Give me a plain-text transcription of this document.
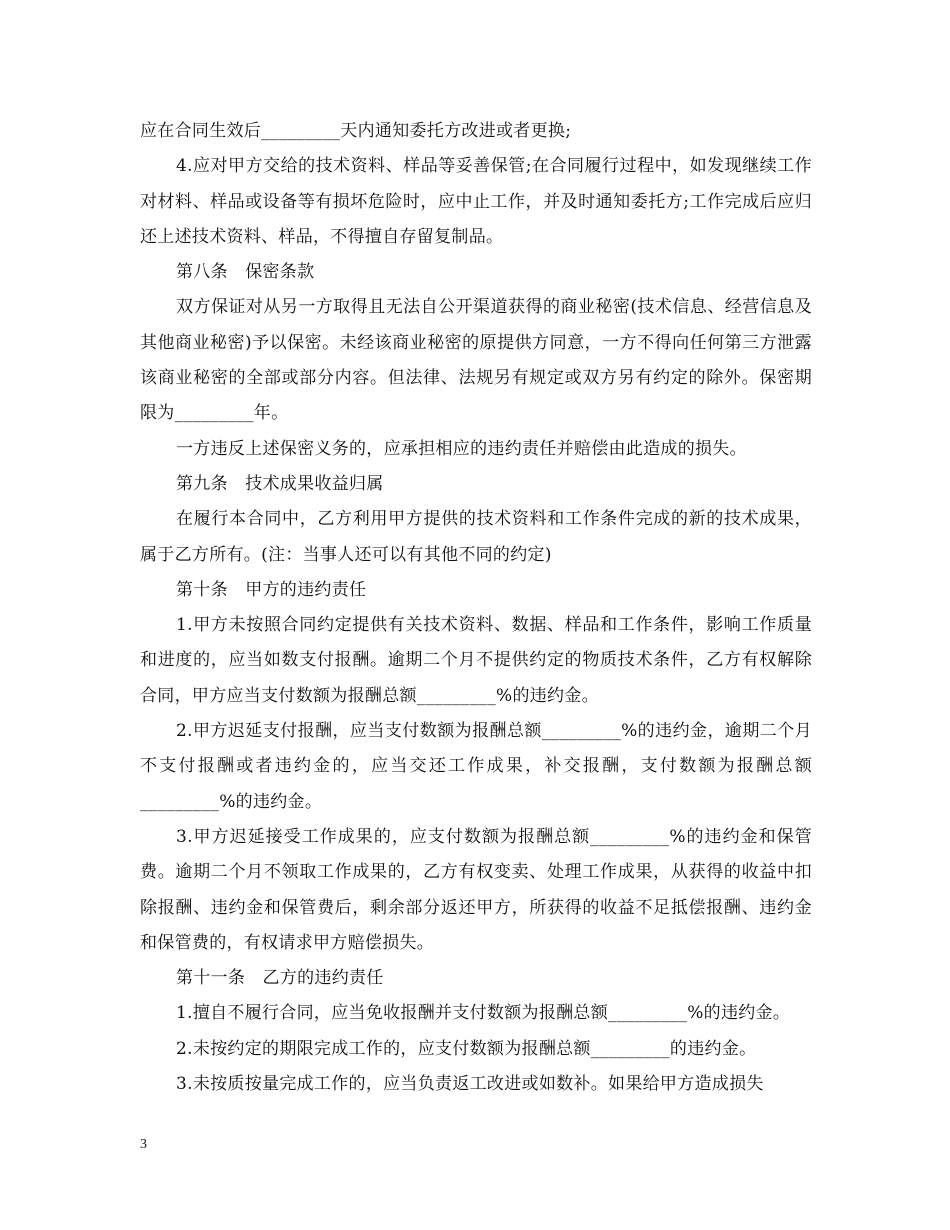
应在合同生效后_________天内通知委托方改进或者更换;

4.应对甲方交给的技术资料、样品等妥善保管;在合同履行过程中，如发现继续工作对材料、样品或设备等有损坏危险时，应中止工作，并及时通知委托方;工作完成后应归还上述技术资料、样品，不得擅自存留复制品。

第八条　保密条款

双方保证对从另一方取得且无法自公开渠道获得的商业秘密(技术信息、经营信息及其他商业秘密)予以保密。未经该商业秘密的原提供方同意，一方不得向任何第三方泄露该商业秘密的全部或部分内容。但法律、法规另有规定或双方另有约定的除外。保密期限为_________年。

一方违反上述保密义务的，应承担相应的违约责任并赔偿由此造成的损失。

第九条　技术成果收益归属

在履行本合同中，乙方利用甲方提供的技术资料和工作条件完成的新的技术成果，属于乙方所有。(注：当事人还可以有其他不同的约定)

第十条　甲方的违约责任

1.甲方未按照合同约定提供有关技术资料、数据、样品和工作条件，影响工作质量和进度的，应当如数支付报酬。逾期二个月不提供约定的物质技术条件，乙方有权解除合同，甲方应当支付数额为报酬总额_________%的违约金。

2.甲方迟延支付报酬，应当支付数额为报酬总额_________%的违约金，逾期二个月不支付报酬或者违约金的，应当交还工作成果，补交报酬，支付数额为报酬总额_________%的违约金。

3.甲方迟延接受工作成果的，应支付数额为报酬总额_________%的违约金和保管费。逾期二个月不领取工作成果的，乙方有权变卖、处理工作成果，从获得的收益中扣除报酬、违约金和保管费后，剩余部分返还甲方，所获得的收益不足抵偿报酬、违约金和保管费的，有权请求甲方赔偿损失。

第十一条　乙方的违约责任

1.擅自不履行合同，应当免收报酬并支付数额为报酬总额_________%的违约金。

2.未按约定的期限完成工作的，应支付数额为报酬总额_________的违约金。

3.未按质按量完成工作的，应当负责返工改进或如数补。如果给甲方造成损失

3
